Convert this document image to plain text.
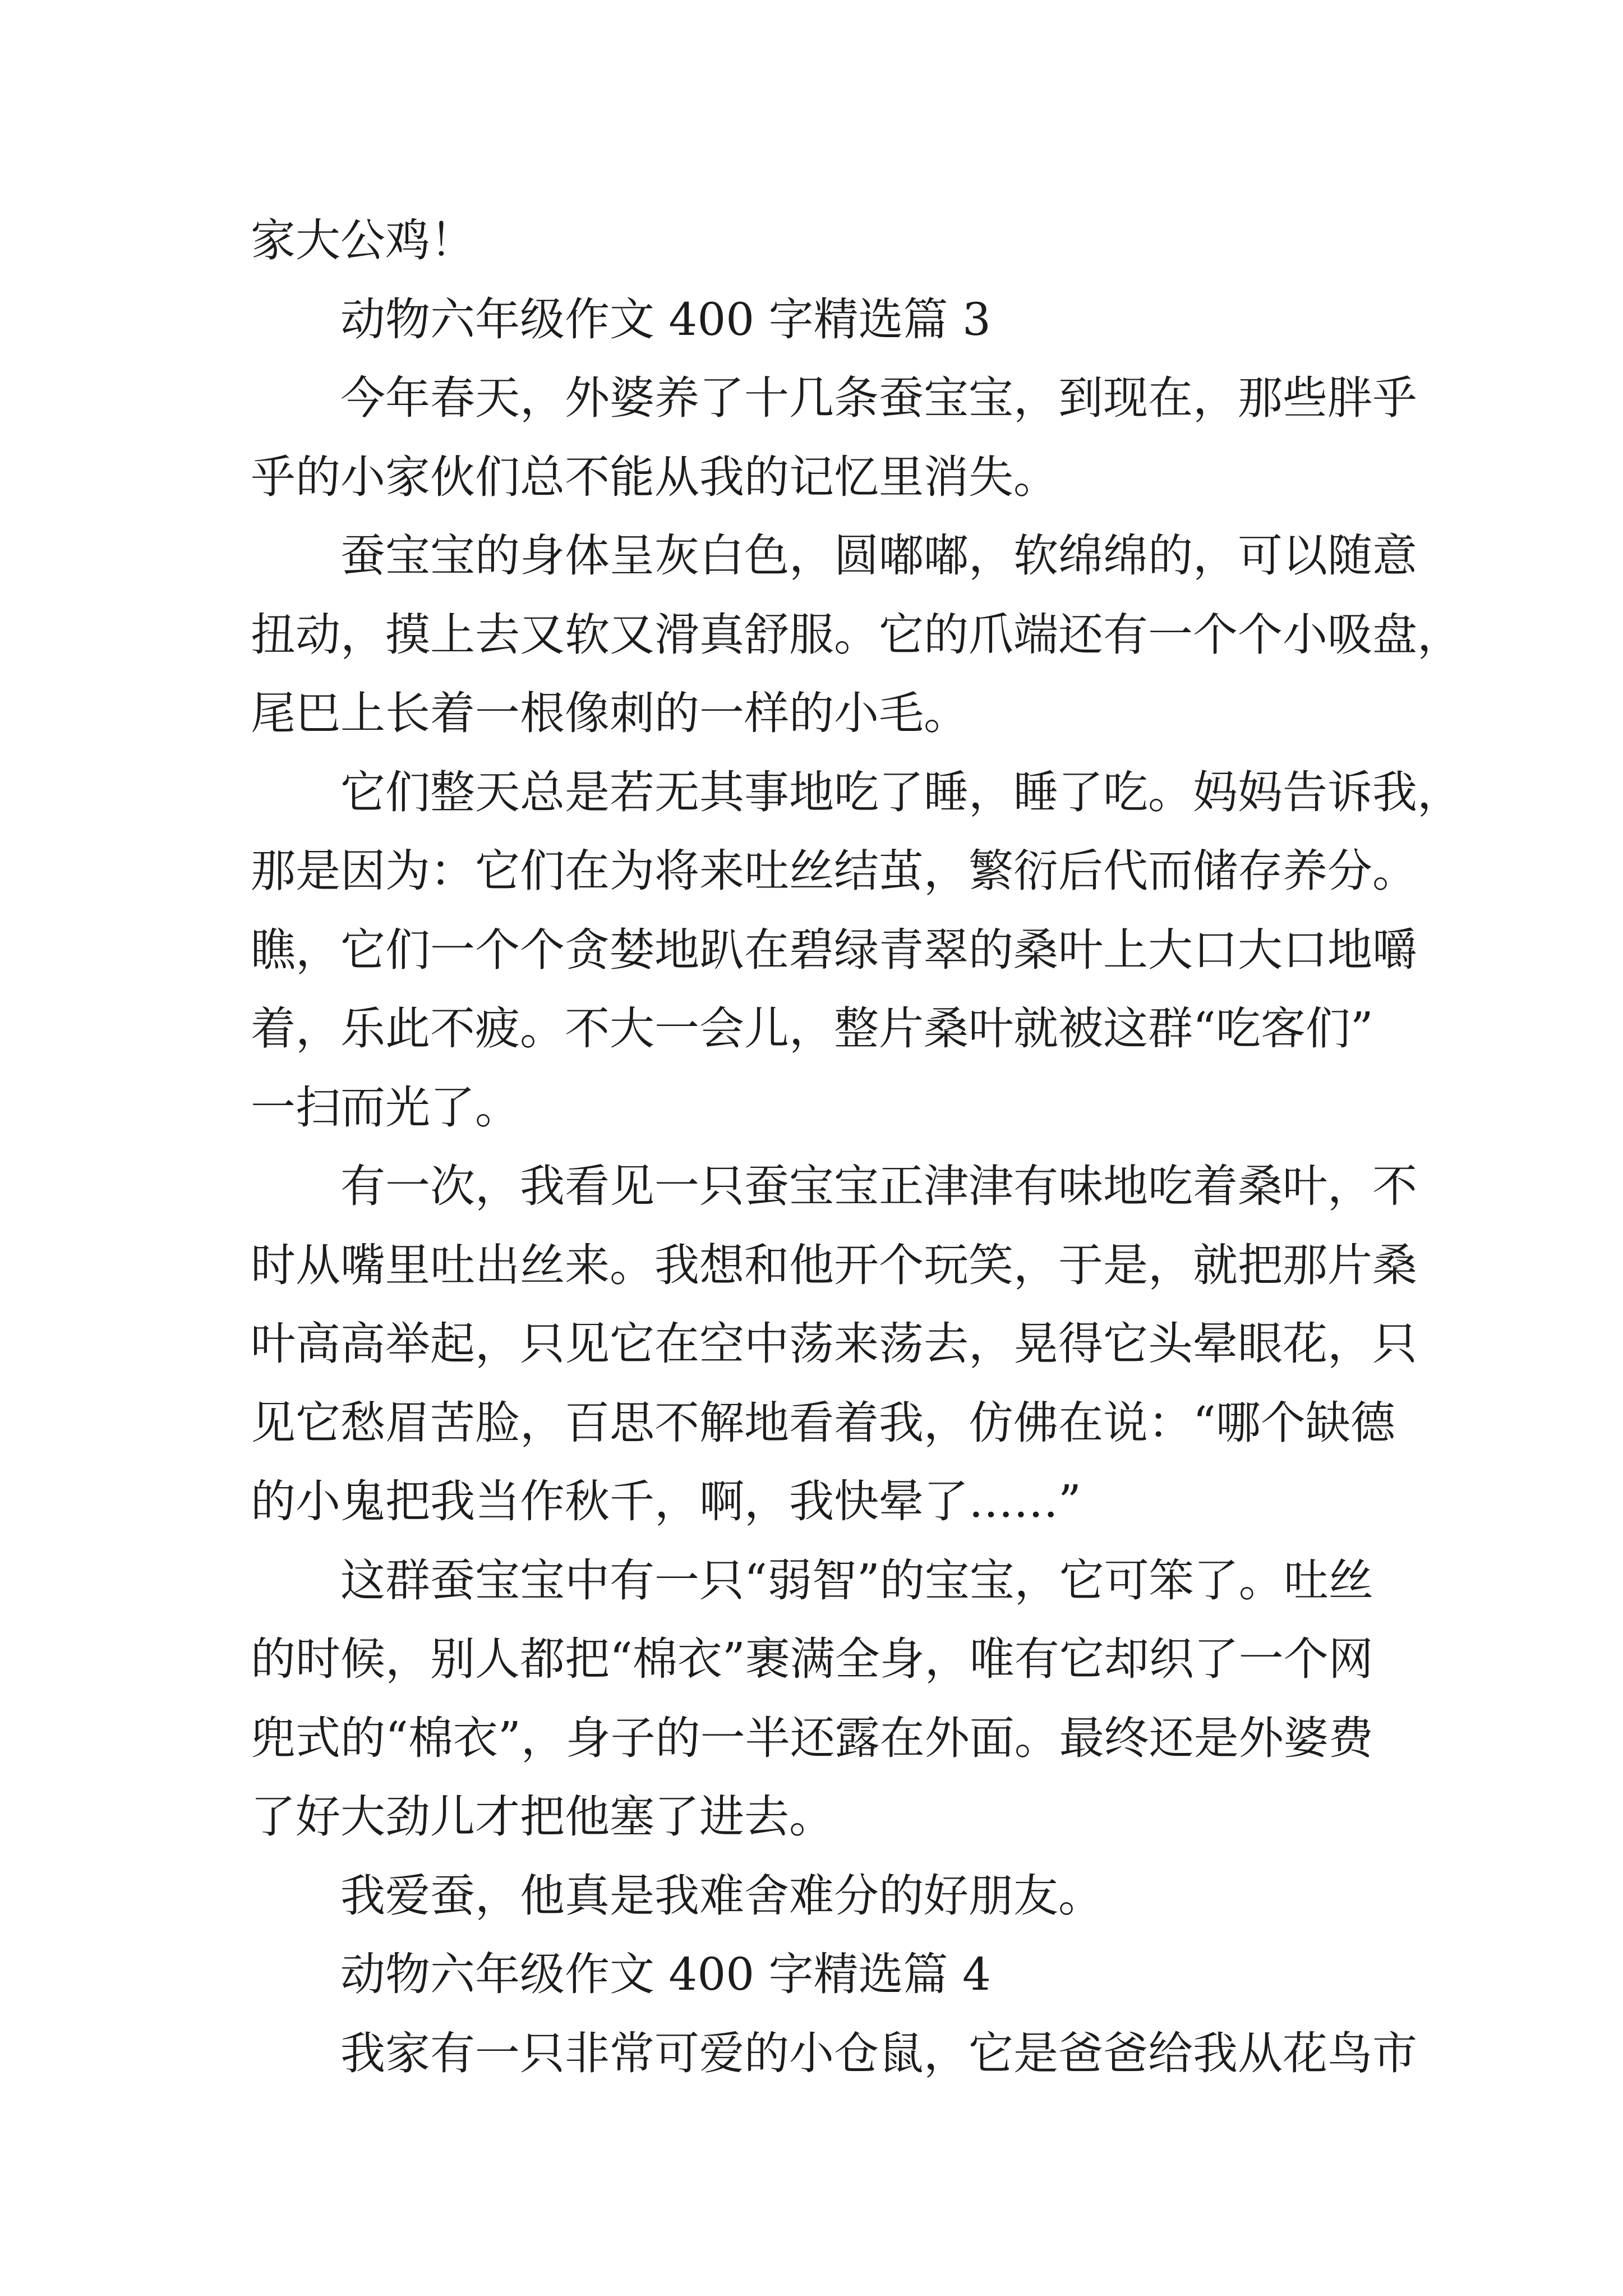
家大公鸡！
动物六年级作文 400 字精选篇 3
今年春天，外婆养了十几条蚕宝宝，到现在，那些胖乎
乎的小家伙们总不能从我的记忆里消失。
蚕宝宝的身体呈灰白色，圆嘟嘟，软绵绵的，可以随意
扭动，摸上去又软又滑真舒服。它的爪端还有一个个小吸盘，
尾巴上长着一根像刺的一样的小毛。
它们整天总是若无其事地吃了睡，睡了吃。妈妈告诉我，
那是因为：它们在为将来吐丝结茧，繁衍后代而储存养分。
瞧，它们一个个贪婪地趴在碧绿青翠的桑叶上大口大口地嚼
着，乐此不疲。不大一会儿，整片桑叶就被这群“吃客们”
一扫而光了。
有一次，我看见一只蚕宝宝正津津有味地吃着桑叶，不
时从嘴里吐出丝来。我想和他开个玩笑，于是，就把那片桑
叶高高举起，只见它在空中荡来荡去，晃得它头晕眼花，只
见它愁眉苦脸，百思不解地看着我，仿佛在说：“哪个缺德
的小鬼把我当作秋千，啊，我快晕了……”
这群蚕宝宝中有一只“弱智”的宝宝，它可笨了。吐丝
的时候，别人都把“棉衣”裹满全身，唯有它却织了一个网
兜式的“棉衣”，身子的一半还露在外面。最终还是外婆费
了好大劲儿才把他塞了进去。
我爱蚕，他真是我难舍难分的好朋友。
动物六年级作文 400 字精选篇 4
我家有一只非常可爱的小仓鼠，它是爸爸给我从花鸟市
